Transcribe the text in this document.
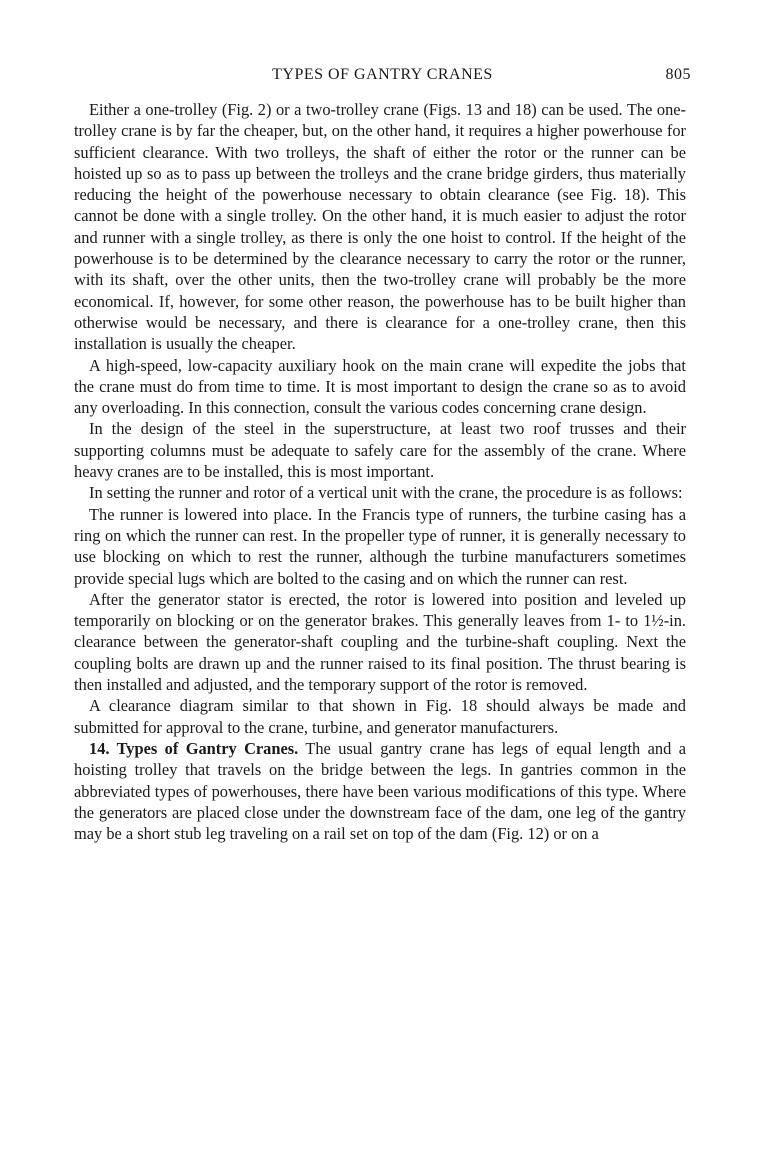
TYPES OF GANTRY CRANES	805

Either a one-trolley (Fig. 2) or a two-trolley crane (Figs. 13 and 18) can be used. The one-trolley crane is by far the cheaper, but, on the other hand, it requires a higher powerhouse for sufficient clearance. With two trolleys, the shaft of either the rotor or the runner can be hoisted up so as to pass up between the trolleys and the crane bridge girders, thus materially reducing the height of the powerhouse necessary to obtain clearance (see Fig. 18). This cannot be done with a single trolley. On the other hand, it is much easier to adjust the rotor and runner with a single trolley, as there is only the one hoist to control. If the height of the powerhouse is to be determined by the clearance necessary to carry the rotor or the runner, with its shaft, over the other units, then the two-trolley crane will probably be the more economical. If, however, for some other reason, the powerhouse has to be built higher than otherwise would be necessary, and there is clearance for a one-trolley crane, then this installation is usually the cheaper.

A high-speed, low-capacity auxiliary hook on the main crane will expedite the jobs that the crane must do from time to time. It is most important to design the crane so as to avoid any overloading. In this connection, consult the various codes concerning crane design.

In the design of the steel in the superstructure, at least two roof trusses and their supporting columns must be adequate to safely care for the assembly of the crane. Where heavy cranes are to be installed, this is most important.

In setting the runner and rotor of a vertical unit with the crane, the procedure is as follows:

The runner is lowered into place. In the Francis type of runners, the turbine casing has a ring on which the runner can rest. In the propeller type of runner, it is generally necessary to use blocking on which to rest the runner, although the turbine manufacturers sometimes provide special lugs which are bolted to the casing and on which the runner can rest.

After the generator stator is erected, the rotor is lowered into position and leveled up temporarily on blocking or on the generator brakes. This generally leaves from 1- to 1½-in. clearance between the generator-shaft coupling and the turbine-shaft coupling. Next the coupling bolts are drawn up and the runner raised to its final position. The thrust bearing is then installed and adjusted, and the temporary support of the rotor is removed.

A clearance diagram similar to that shown in Fig. 18 should always be made and submitted for approval to the crane, turbine, and generator manufacturers.

14. Types of Gantry Cranes. The usual gantry crane has legs of equal length and a hoisting trolley that travels on the bridge between the legs. In gantries common in the abbreviated types of powerhouses, there have been various modifications of this type. Where the generators are placed close under the downstream face of the dam, one leg of the gantry may be a short stub leg traveling on a rail set on top of the dam (Fig. 12) or on a
